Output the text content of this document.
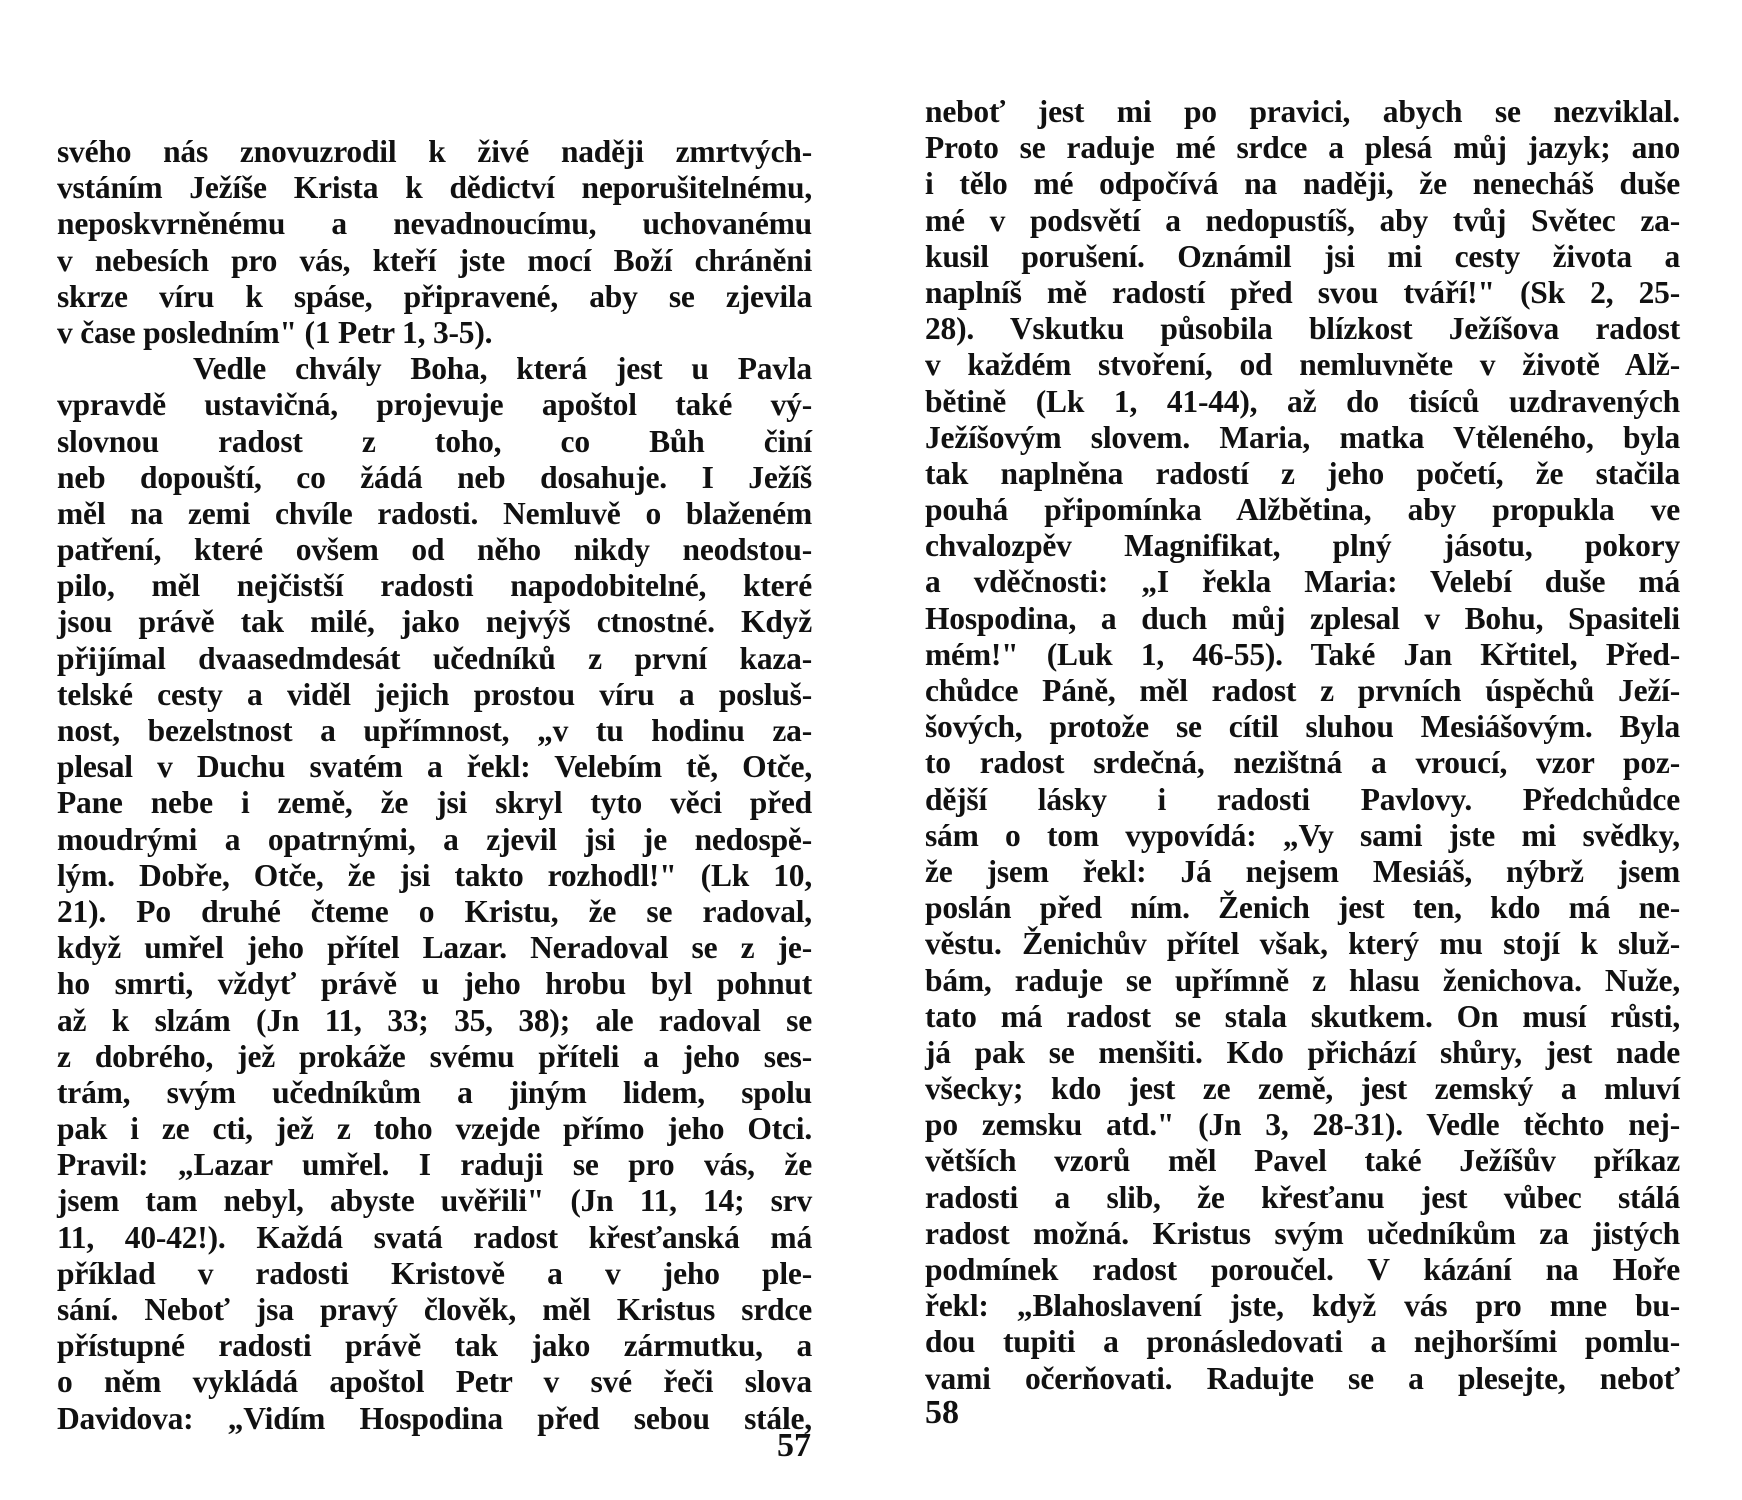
svého nás znovuzrodil k živé naději zmrtvých-
vstáním Ježíše Krista k dědictví neporušitelnému,
neposkvrněnému a nevadnoucímu, uchovanému
v nebesích pro vás, kteří jste mocí Boží chráněni
skrze víru k spáse, připravené, aby se zjevila
v čase posledním" (1 Petr 1, 3-5).
Vedle chvály Boha, která jest u Pavla
vpravdě ustavičná, projevuje apoštol také vý-
slovnou radost z toho, co Bůh činí
neb dopouští, co žádá neb dosahuje. I Ježíš
měl na zemi chvíle radosti. Nemluvě o blaženém
patření, které ovšem od něho nikdy neodstou-
pilo, měl nejčistší radosti napodobitelné, které
jsou právě tak milé, jako nejvýš ctnostné. Když
přijímal dvaasedmdesát učedníků z první kaza-
telské cesty a viděl jejich prostou víru a posluš-
nost, bezelstnost a upřímnost, „v tu hodinu za-
plesal v Duchu svatém a řekl: Velebím tě, Otče,
Pane nebe i země, že jsi skryl tyto věci před
moudrými a opatrnými, a zjevil jsi je nedospě-
lým. Dobře, Otče, že jsi takto rozhodl!" (Lk 10,
21). Po druhé čteme o Kristu, že se radoval,
když umřel jeho přítel Lazar. Neradoval se z je-
ho smrti, vždyť právě u jeho hrobu byl pohnut
až k slzám (Jn 11, 33; 35, 38); ale radoval se
z dobrého, jež prokáže svému příteli a jeho ses-
trám, svým učedníkům a jiným lidem, spolu
pak i ze cti, jež z toho vzejde přímo jeho Otci.
Pravil: „Lazar umřel. I raduji se pro vás, že
jsem tam nebyl, abyste uvěřili" (Jn 11, 14; srv
11, 40-42!). Každá svatá radost křesťanská má
příklad v radosti Kristově a v jeho ple-
sání. Neboť jsa pravý člověk, měl Kristus srdce
přístupné radosti právě tak jako zármutku, a
o něm vykládá apoštol Petr v své řeči slova
Davidova: „Vidím Hospodina před sebou stále,
57
neboť jest mi po pravici, abych se nezviklal.
Proto se raduje mé srdce a plesá můj jazyk; ano
i tělo mé odpočívá na naději, že nenecháš duše
mé v podsvětí a nedopustíš, aby tvůj Světec za-
kusil porušení. Oznámil jsi mi cesty života a
naplníš mě radostí před svou tváří!" (Sk 2, 25-
28). Vskutku působila blízkost Ježíšova radost
v každém stvoření, od nemluvněte v životě Alž-
bětině (Lk 1, 41-44), až do tisíců uzdravených
Ježíšovým slovem. Maria, matka Vtěleného, byla
tak naplněna radostí z jeho početí, že stačila
pouhá připomínka Alžbětina, aby propukla ve
chvalozpěv Magnifikat, plný jásotu, pokory
a vděčnosti: „I řekla Maria: Velebí duše má
Hospodina, a duch můj zplesal v Bohu, Spasiteli
mém!" (Luk 1, 46-55). Také Jan Křtitel, Před-
chůdce Páně, měl radost z prvních úspěchů Ježí-
šových, protože se cítil sluhou Mesiášovým. Byla
to radost srdečná, nezištná a vroucí, vzor poz-
dější lásky i radosti Pavlovy. Předchůdce
sám o tom vypovídá: „Vy sami jste mi svědky,
že jsem řekl: Já nejsem Mesiáš, nýbrž jsem
poslán před ním. Ženich jest ten, kdo má ne-
věstu. Ženichův přítel však, který mu stojí k služ-
bám, raduje se upřímně z hlasu ženichova. Nuže,
tato má radost se stala skutkem. On musí růsti,
já pak se menšiti. Kdo přichází shůry, jest nade
všecky; kdo jest ze země, jest zemský a mluví
po zemsku atd." (Jn 3, 28-31). Vedle těchto nej-
větších vzorů měl Pavel také Ježíšův příkaz
radosti a slib, že křesťanu jest vůbec stálá
radost možná. Kristus svým učedníkům za jistých
podmínek radost poroučel. V kázání na Hoře
řekl: „Blahoslavení jste, když vás pro mne bu-
dou tupiti a pronásledovati a nejhoršími pomlu-
vami očerňovati. Radujte se a plesejte, neboť
58
